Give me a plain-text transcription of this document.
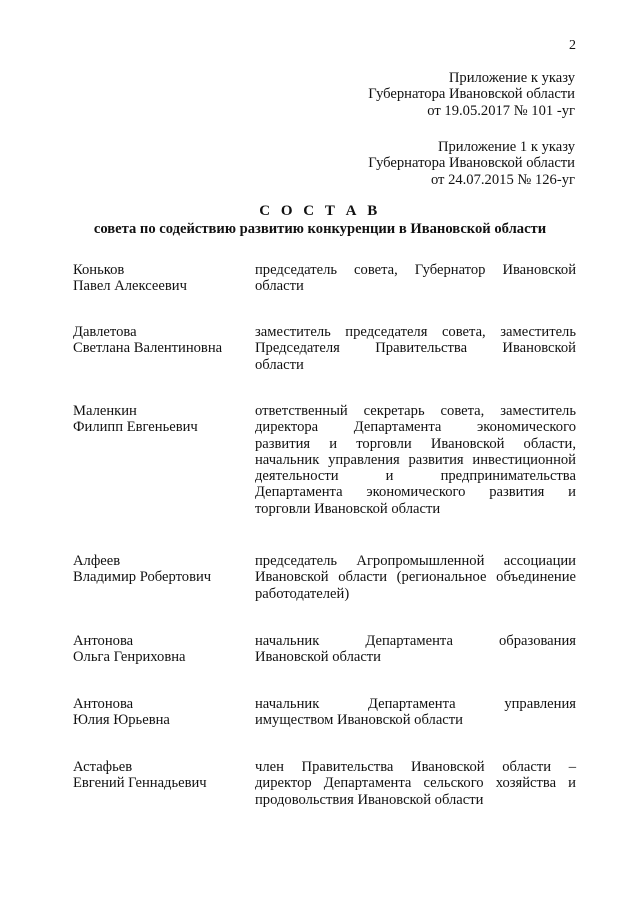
2
Приложение к указу
Губернатора Ивановской области
от 19.05.2017 № 101 -уг
Приложение 1 к указу
Губернатора Ивановской области
от 24.07.2015 № 126-уг
С О С Т А В
совета по содействию развитию конкуренции в Ивановской области
Коньков
Павел Алексеевич
председатель совета, Губернатор Ивановской
области
Давлетова
Светлана Валентиновна
заместитель председателя совета, заместитель
Председателя Правительства Ивановской
области
Маленкин
Филипп Евгеньевич
ответственный секретарь совета, заместитель
директора Департамента экономического
развития и торговли Ивановской области,
начальник управления развития инвестиционной
деятельности и предпринимательства
Департамента экономического развития и
торговли Ивановской области
Алфеев
Владимир Робертович
председатель Агропромышленной ассоциации
Ивановской области (региональное объединение
работодателей)
Антонова
Ольга Генриховна
начальник Департамента образования
Ивановской области
Антонова
Юлия Юрьевна
начальник Департамента управления
имуществом Ивановской области
Астафьев
Евгений Геннадьевич
член Правительства Ивановской области –
директор Департамента сельского хозяйства и
продовольствия Ивановской области
